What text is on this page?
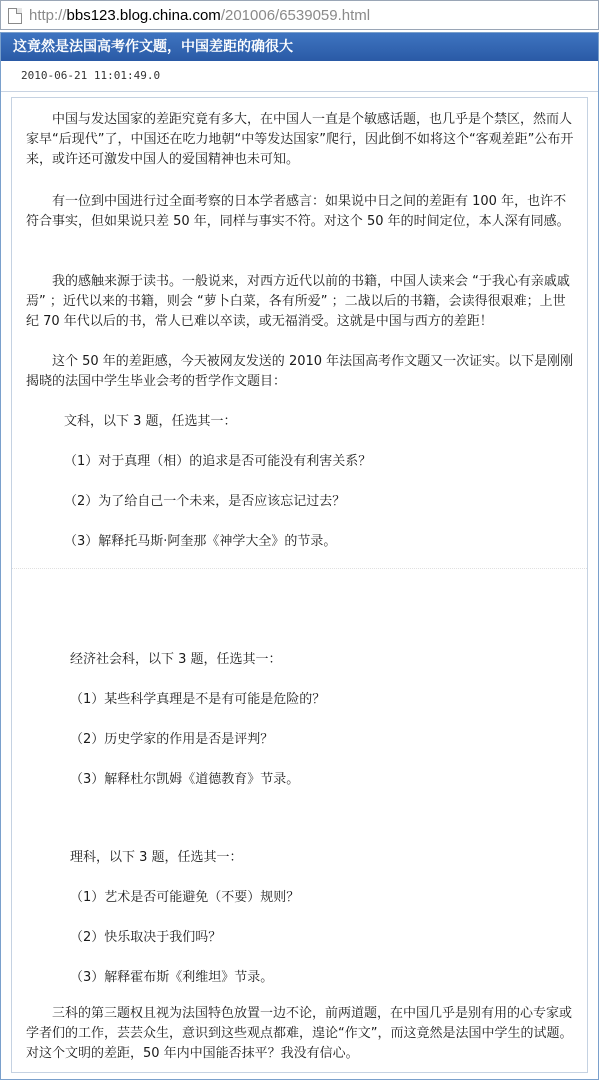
http://bbs123.blog.china.com/201006/6539059.html
这竟然是法国高考作文题，中国差距的确很大
2010-06-21 11:01:49.0

中国与发达国家的差距究竟有多大，在中国人一直是个敏感话题，也几乎是个禁区，然而人家早“后现代”了，中国还在吃力地朝“中等发达国家”爬行，因此倒不如将这个“客观差距”公布开来，或许还可激发中国人的爱国精神也未可知。

有一位到中国进行过全面考察的日本学者感言：如果说中日之间的差距有 100 年，也许不符合事实，但如果说只差 50 年，同样与事实不符。对这个 50 年的时间定位，本人深有同感。

我的感触来源于读书。一般说来，对西方近代以前的书籍，中国人读来会 “于我心有亲戚戚焉” ；近代以来的书籍，则会 “萝卜白菜，各有所爱” ；二战以后的书籍，会读得很艰难；上世纪 70 年代以后的书，常人已难以卒读，或无福消受。这就是中国与西方的差距！

这个 50 年的差距感，今天被网友发送的 2010 年法国高考作文题又一次证实。以下是刚刚揭晓的法国中学生毕业会考的哲学作文题目：

文科，以下 3 题，任选其一：

（1）对于真理（相）的追求是否可能没有利害关系？

（2）为了给自己一个未来，是否应该忘记过去？

（3）解释托马斯·阿奎那《神学大全》的节录。

经济社会科，以下 3 题，任选其一：

（1）某些科学真理是不是有可能是危险的？

（2）历史学家的作用是否是评判？

（3）解释杜尔凯姆《道德教育》节录。

理科，以下 3 题，任选其一：

（1）艺术是否可能避免（不要）规则？

（2）快乐取决于我们吗？

（3）解释霍布斯《利维坦》节录。

三科的第三题权且视为法国特色放置一边不论，前两道题，在中国几乎是别有用的心专家或学者们的工作，芸芸众生，意识到这些观点都难，遑论“作文”，而这竟然是法国中学生的试题。对这个文明的差距，50 年内中国能否抹平？我没有信心。
